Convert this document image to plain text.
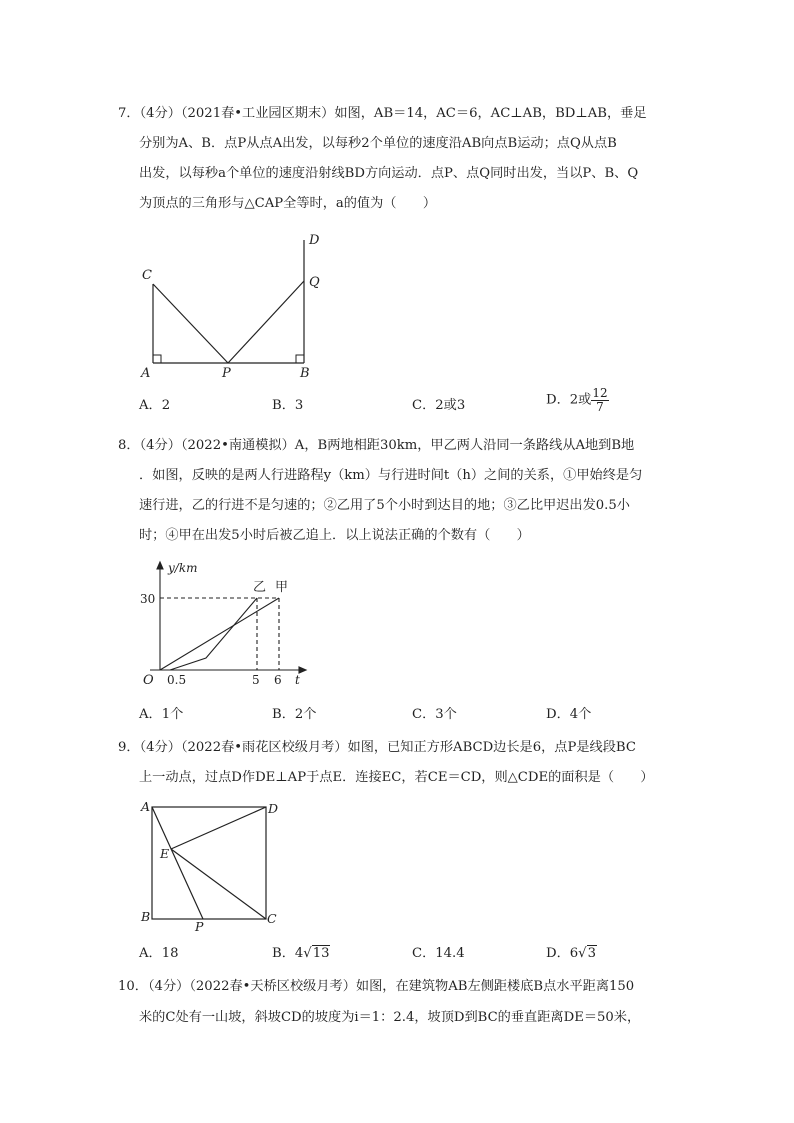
7．（4分）（2021春•工业园区期末）如图，AB＝14，AC＝6，AC⊥AB，BD⊥AB，垂足
分别为A、B．点P从点A出发，以每秒2个单位的速度沿AB向点B运动；点Q从点B
出发，以每秒a个单位的速度沿射线BD方向运动．点P、点Q同时出发，当以P、B、Q
为顶点的三角形与△CAP全等时，a的值为（　　）
C
A	P	B
D
Q
A．2	B．3	C．2或3	D．2或 $\frac{12}{7}$
8．（4分）（2022•南通模拟）A，B两地相距30km，甲乙两人沿同一条路线从A地到B地
．如图，反映的是两人行进路程y（km）与行进时间t（h）之间的关系，①甲始终是匀
速行进，乙的行进不是匀速的；②乙用了5个小时到达目的地；③乙比甲迟出发0.5小
时；④甲在出发5小时后被乙追上．以上说法正确的个数有（　　）
y/km
30
O 0.5	5 6 t
乙 甲
A．1个	B．2个	C．3个	D．4个
9．（4分）（2022春•雨花区校级月考）如图，已知正方形ABCD边长是6，点P是线段BC
上一动点，过点D作DE⊥AP于点E．连接EC，若CE＝CD，则△CDE的面积是（　　）
A	D
E
B
P
C
A．18	B．4√13	C．14.4	D．6√3
10．（4分）（2022春•天桥区校级月考）如图，在建筑物AB左侧距楼底B点水平距离150
米的C处有一山坡，斜坡CD的坡度为i＝1：2.4，坡顶D到BC的垂直距离DE＝50米，
